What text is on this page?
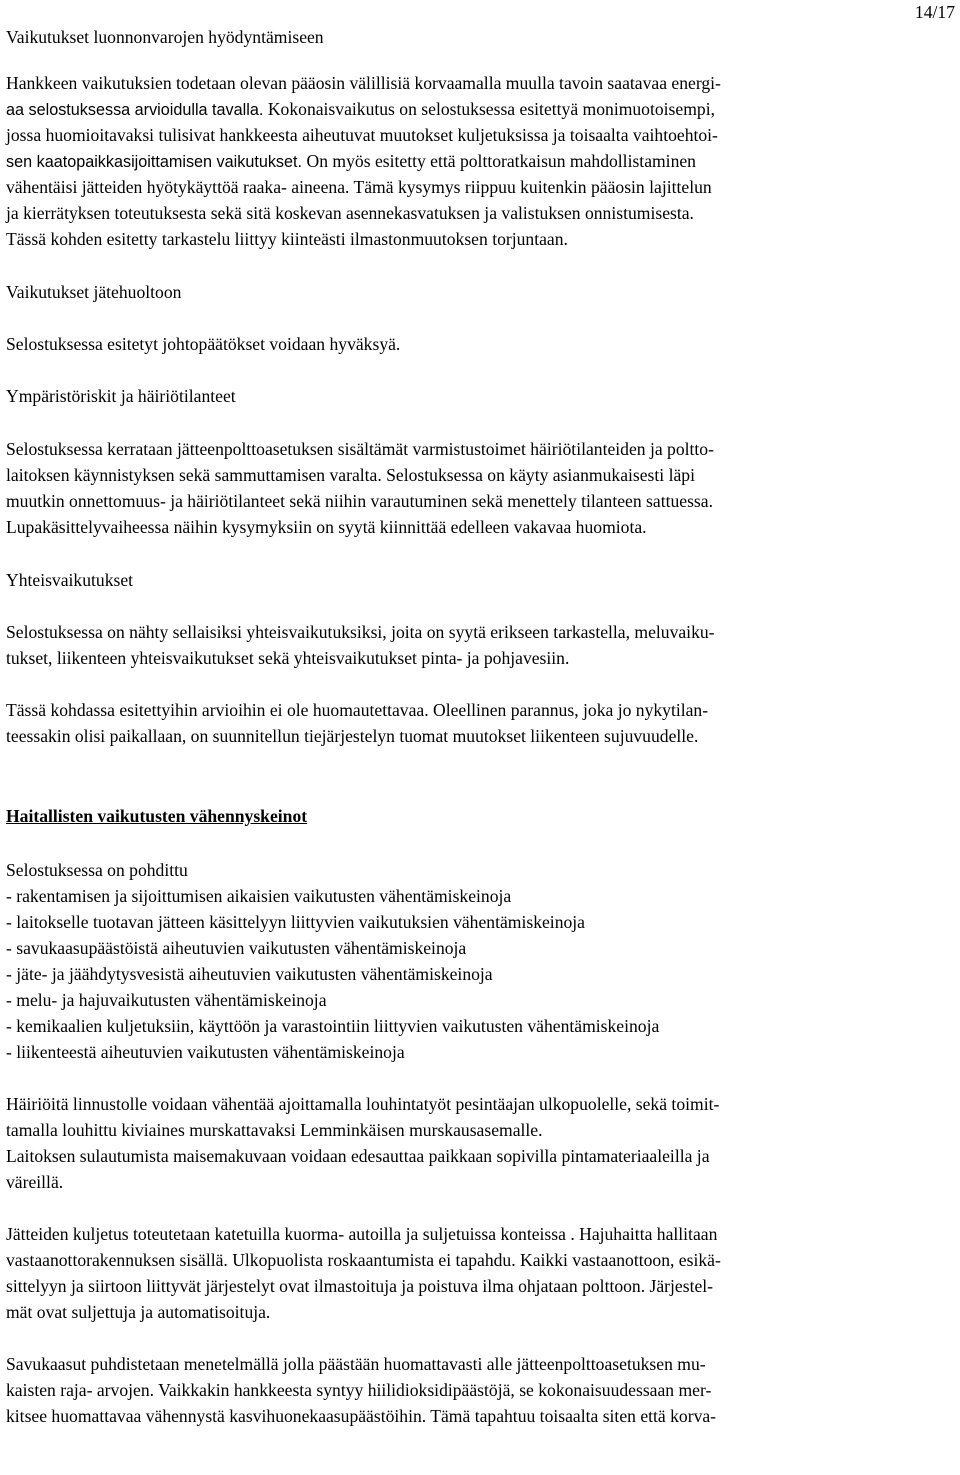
14/17
Vaikutukset luonnonvarojen hyödyntämiseen
Hankkeen vaikutuksien todetaan olevan pääosin välillisiä korvaamalla muulla tavoin saatavaa energi-
aa selostuksessa arvioidulla tavalla. Kokonaisvaikutus on selostuksessa esitettyä monimuotoisempi,
jossa huomioitavaksi tulisivat hankkeesta aiheutuvat muutokset kuljetuksissa ja toisaalta vaihtoehtoi-
sen kaatopaikkasijoittamisen vaikutukset. On myös esitetty että polttoratkaisun mahdollistaminen
vähentäisi jätteiden hyötykäyttöä raaka- aineena. Tämä kysymys riippuu kuitenkin pääosin lajittelun
ja kierrätyksen toteutuksesta sekä sitä koskevan asennekasvatuksen ja valistuksen onnistumisesta.
Tässä kohden esitetty tarkastelu liittyy kiinteästi ilmastonmuutoksen torjuntaan.
Vaikutukset jätehuoltoon
Selostuksessa esitetyt johtopäätökset voidaan hyväksyä.
Ympäristöriskit ja häiriötilanteet
Selostuksessa kerrataan jätteenpolttoasetuksen sisältämät varmistustoimet häiriötilanteiden ja poltto-
laitoksen käynnistyksen sekä sammuttamisen varalta. Selostuksessa on käyty asianmukaisesti läpi
muutkin onnettomuus- ja häiriötilanteet sekä niihin varautuminen sekä menettely tilanteen sattuessa.
Lupakäsittelyvaiheessa näihin kysymyksiin on syytä kiinnittää edelleen vakavaa huomiota.
Yhteisvaikutukset
Selostuksessa on nähty sellaisiksi yhteisvaikutuksiksi, joita on syytä erikseen tarkastella, meluvaiku-
tukset, liikenteen yhteisvaikutukset sekä yhteisvaikutukset pinta- ja pohjavesiin.
Tässä kohdassa esitettyihin arvioihin ei ole huomautettavaa. Oleellinen parannus, joka jo nykytilan-
teessakin olisi paikallaan, on suunnitellun tiejärjestelyn tuomat muutokset liikenteen sujuvuudelle.
Haitallisten vaikutusten vähennyskeinot
Selostuksessa on pohdittu
- rakentamisen ja sijoittumisen aikaisien vaikutusten vähentämiskeinoja
- laitokselle tuotavan jätteen käsittelyyn liittyvien vaikutuksien vähentämiskeinoja
- savukaasupäästöistä aiheutuvien vaikutusten vähentämiskeinoja
- jäte- ja jäähdytysvesistä aiheutuvien vaikutusten vähentämiskeinoja
- melu- ja hajuvaikutusten vähentämiskeinoja
- kemikaalien kuljetuksiin, käyttöön ja varastointiin liittyvien vaikutusten vähentämiskeinoja
- liikenteestä aiheutuvien vaikutusten vähentämiskeinoja
Häiriöitä linnustolle voidaan vähentää ajoittamalla louhintatyöt pesintäajan ulkopuolelle, sekä toimit-
tamalla louhittu kiviaines murskattavaksi Lemminkäisen murskausasemalle.
Laitoksen sulautumista maisemakuvaan voidaan edesauttaa paikkaan sopivilla pintamateriaaleilla ja
väreillä.
Jätteiden kuljetus toteutetaan katetuilla kuorma- autoilla ja suljetuissa konteissa . Hajuhaitta hallitaan
vastaanottorakennuksen sisällä. Ulkopuolista roskaantumista ei tapahdu. Kaikki vastaanottoon, esikä-
sittelyyn ja siirtoon liittyvät järjestelyt ovat ilmastoituja ja poistuva ilma ohjataan polttoon. Järjestel-
mät ovat suljettuja ja automatisoituja.
Savukaasut puhdistetaan menetelmällä jolla päästään huomattavasti alle jätteenpolttoasetuksen mu-
kaisten raja- arvojen. Vaikkakin hankkeesta syntyy hiilidioksidipäästöjä, se kokonaisuudessaan mer-
kitsee huomattavaa vähennystä kasvihuonekaasupäästöihin. Tämä tapahtuu toisaalta siten että korva-
